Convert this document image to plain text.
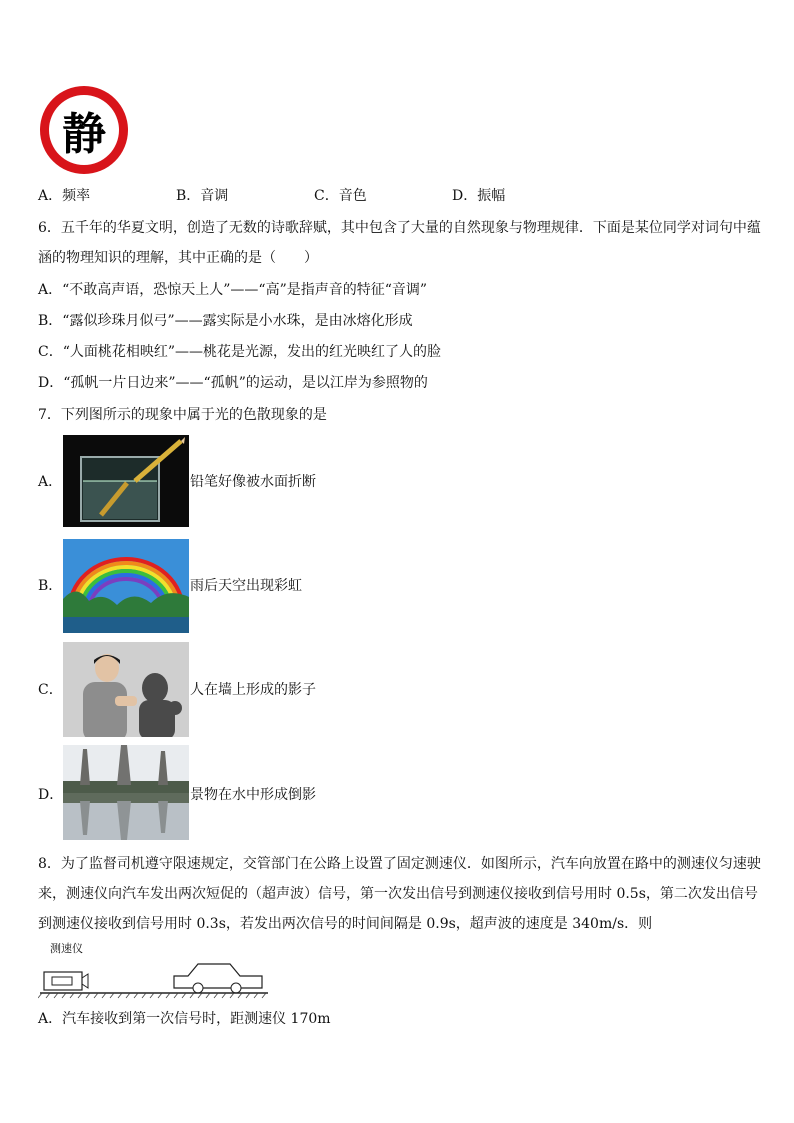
静
A．频率	B．音调	C．音色	D．振幅
6．五千年的华夏文明，创造了无数的诗歌辞赋，其中包含了大量的自然现象与物理规律．下面是某位同学对词句中蕴
涵的物理知识的理解，其中正确的是（　　）
A．“不敢高声语，恐惊天上人”——“高”是指声音的特征“音调”
B．“露似珍珠月似弓”——露实际是小水珠，是由冰熔化形成
C．“人面桃花相映红”——桃花是光源，发出的红光映红了人的脸
D．“孤帆一片日边来”——“孤帆”的运动，是以江岸为参照物的
7．下列图所示的现象中属于光的色散现象的是
A．	铅笔好像被水面折断
B．	雨后天空出现彩虹
C．	人在墙上形成的影子
D．	景物在水中形成倒影
8．为了监督司机遵守限速规定，交管部门在公路上设置了固定测速仪．如图所示，汽车向放置在路中的测速仪匀速驶
来，测速仪向汽车发出两次短促的（超声波）信号，第一次发出信号到测速仪接收到信号用时 0.5s，第二次发出信号
到测速仪接收到信号用时 0.3s，若发出两次信号的时间间隔是 0.9s，超声波的速度是 340m/s．则
测速仪
A．汽车接收到第一次信号时，距测速仪 170m
